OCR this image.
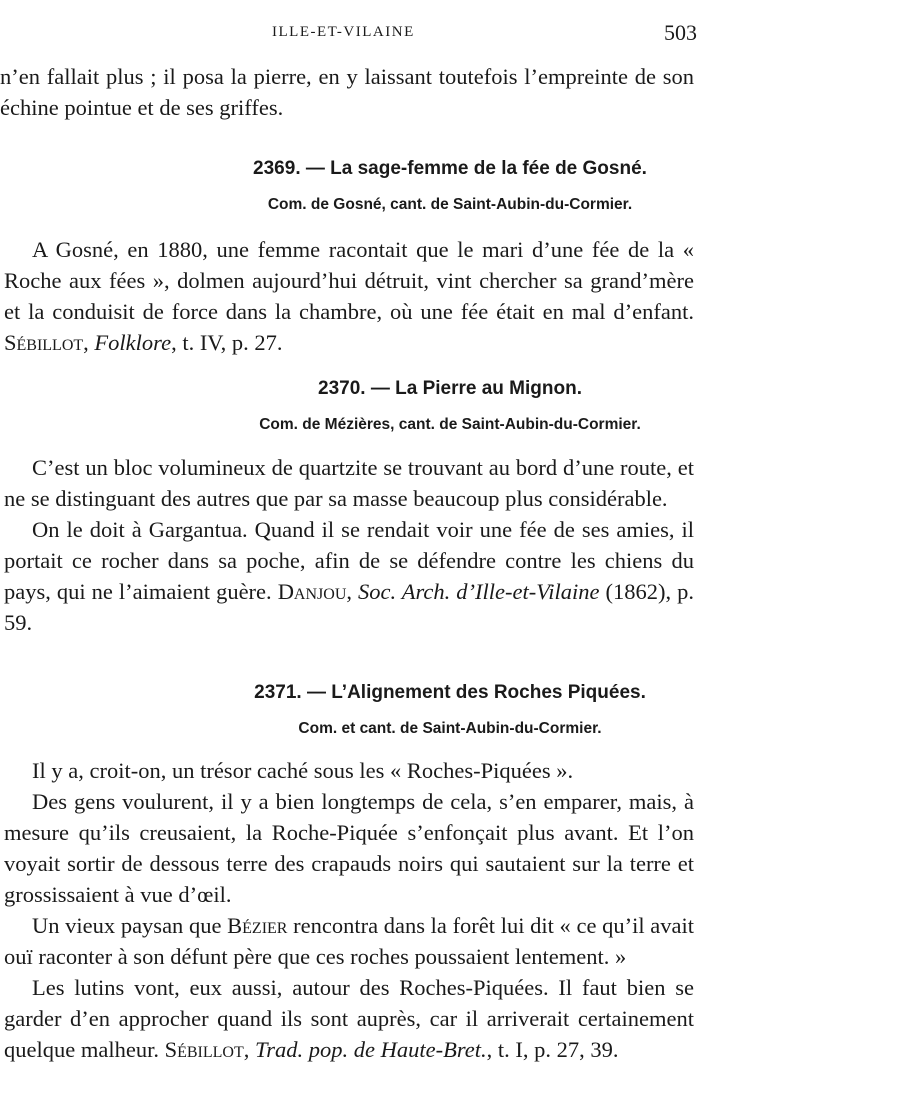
ILLE-ET-VILAINE	503

n’en fallait plus ; il posa la pierre, en y laissant toutefois l’empreinte de son échine pointue et de ses griffes.

2369. — La sage-femme de la fée de Gosné.
Com. de Gosné, cant. de Saint-Aubin-du-Cormier.

A Gosné, en 1880, une femme racontait que le mari d’une fée de la « Roche aux fées », dolmen aujourd’hui détruit, vint chercher sa grand’mère et la conduisit de force dans la chambre, où une fée était en mal d’enfant. Sébillot, Folklore, t. IV, p. 27.

2370. — La Pierre au Mignon.
Com. de Mézières, cant. de Saint-Aubin-du-Cormier.

C’est un bloc volumineux de quartzite se trouvant au bord d’une route, et ne se distinguant des autres que par sa masse beaucoup plus considérable.

On le doit à Gargantua. Quand il se rendait voir une fée de ses amies, il portait ce rocher dans sa poche, afin de se défendre contre les chiens du pays, qui ne l’aimaient guère. Danjou, Soc. Arch. d’Ille-et-Vilaine (1862), p. 59.

2371. — L’Alignement des Roches Piquées.
Com. et cant. de Saint-Aubin-du-Cormier.

Il y a, croit-on, un trésor caché sous les « Roches-Piquées ».

Des gens voulurent, il y a bien longtemps de cela, s’en emparer, mais, à mesure qu’ils creusaient, la Roche-Piquée s’enfonçait plus avant. Et l’on voyait sortir de dessous terre des crapauds noirs qui sautaient sur la terre et grossissaient à vue d’œil.

Un vieux paysan que Bézier rencontra dans la forêt lui dit « ce qu’il avait ouï raconter à son défunt père que ces roches poussaient lentement. »

Les lutins vont, eux aussi, autour des Roches-Piquées. Il faut bien se garder d’en approcher quand ils sont auprès, car il arriverait certainement quelque malheur. Sébillot, Trad. pop. de Haute-Bret., t. I, p. 27, 39.
